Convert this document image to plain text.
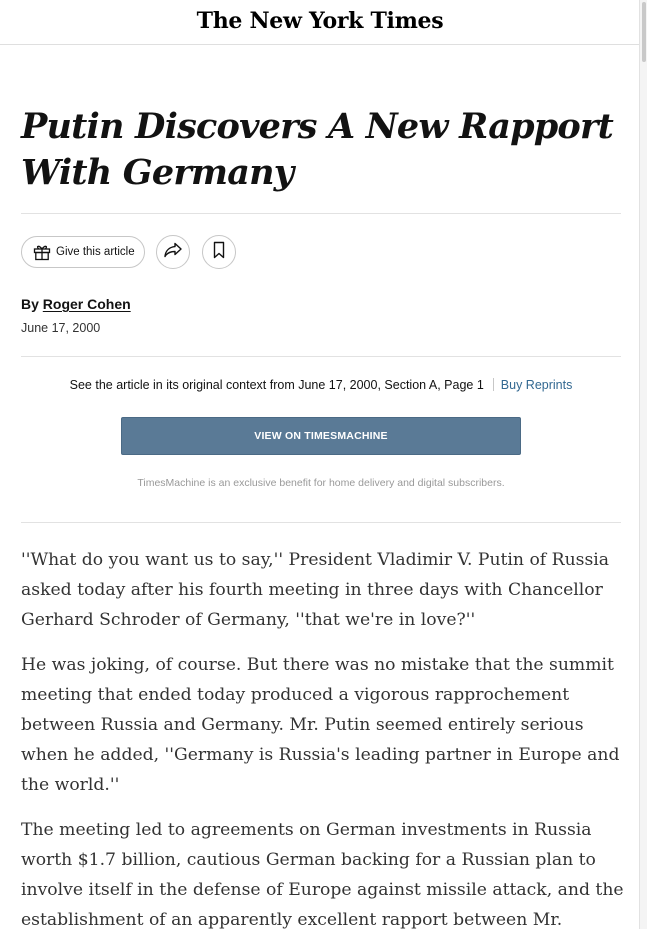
The New York Times
Putin Discovers A New Rapport With Germany
Give this article
By Roger Cohen
June 17, 2000
See the article in its original context from June 17, 2000, Section A, Page 1 Buy Reprints
VIEW ON TIMESMACHINE
TimesMachine is an exclusive benefit for home delivery and digital subscribers.

''What do you want us to say,'' President Vladimir V. Putin of Russia asked today after his fourth meeting in three days with Chancellor Gerhard Schroder of Germany, ''that we're in love?''

He was joking, of course. But there was no mistake that the summit meeting that ended today produced a vigorous rapprochement between Russia and Germany. Mr. Putin seemed entirely serious when he added, ''Germany is Russia's leading partner in Europe and the world.''

The meeting led to agreements on German investments in Russia worth $1.7 billion, cautious German backing for a Russian plan to involve itself in the defense of Europe against missile attack, and the establishment of an apparently excellent rapport between Mr.
